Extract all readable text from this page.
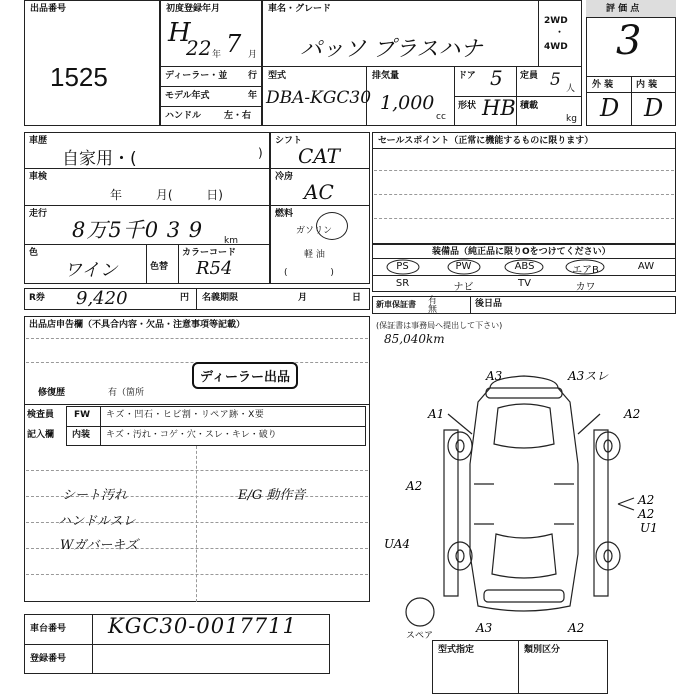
出品番号
1525
初度登録年月
H
22 年 7 月
ディーラー・並 行
モデル年式	年
ハンドル	左・右
車名・グレード
パッソ プラスハナ
2WD
・
4WD
型式
DBA-KGC30
排気量
1,000
cc
ドア 5 定員 5 人
形状 HB 積載
kg
評 価 点
3
外 装	内 装
D D
車歴
自家用・(	)
車検
年 月( 日)
走行
8万5千0 3 9 km
色
ワイン	色替
カラーコード
R54
シフト
CAT
冷房
AC
燃料
ガソリン
軽 油
( )
R券 9,420	円 名義期限	月	日
セールスポイント（正常に機能するものに限ります）
装備品（純正品に限りOをつけてください）
PS	PW	ABS	エアB	AW
SR	ナビ	TV	カワ
新車保証書 有
無
後日品
(保証書は事務局へ提出して下さい)
85,040km
出品店申告欄（不具合内容・欠品・注意事項等記載）
修復歴	有（箇所
ディーラー出品
検査員
記入欄
FW キズ・凹石・ヒビ割・リペア跡・X要
内装 キズ・汚れ・コゲ・穴・スレ・キレ・破り
シート汚れ
ハンドルスレ
Wガバーキズ
E/G 動作音
A3	A3スレ
A1	A2
A2
A2
A2
U1
UA4
A3	A2
スペア
型式指定	類別区分
車台番号 KGC30-0017711
登録番号
